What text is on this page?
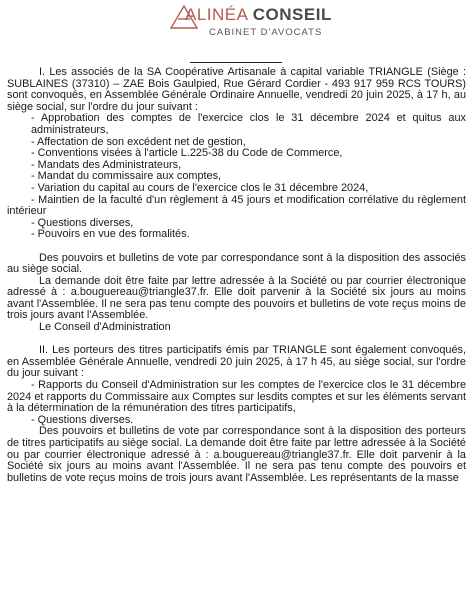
ALINÉA CONSEIL
CABINET D'AVOCATS

I. Les associés de la SA Coopérative Artisanale à capital variable TRIANGLE (Siège : SUBLAINES (37310) – ZAE Bois Gaulpied, Rue Gérard Cordier - 493 917 959 RCS TOURS) sont convoqués, en Assemblée Générale Ordinaire Annuelle, vendredi 20 juin 2025, à 17 h, au siège social, sur l'ordre du jour suivant :

- Approbation des comptes de l'exercice clos le 31 décembre 2024 et quitus aux administrateurs,

- Affectation de son excédent net de gestion,

- Conventions visées à l'article L.225-38 du Code de Commerce,

- Mandats des Administrateurs,

- Mandat du commissaire aux comptes,

- Variation du capital au cours de l'exercice clos le 31 décembre 2024,

- Maintien de la faculté d'un règlement à 45 jours et modification corrélative du règlement intérieur

- Questions diverses,

- Pouvoirs en vue des formalités.

Des pouvoirs et bulletins de vote par correspondance sont à la disposition des associés au siège social.

La demande doit être faite par lettre adressée à la Société ou par courrier électronique adressé à : a.bouguereau@triangle37.fr. Elle doit parvenir à la Société six jours au moins avant l'Assemblée. Il ne sera pas tenu compte des pouvoirs et bulletins de vote reçus moins de trois jours avant l'Assemblée.

Le Conseil d'Administration

II. Les porteurs des titres participatifs émis par TRIANGLE sont également convoqués, en Assemblée Générale Annuelle, vendredi 20 juin 2025, à 17 h 45, au siège social, sur l'ordre du jour suivant :

- Rapports du Conseil d'Administration sur les comptes de l'exercice clos le 31 décembre 2024 et rapports du Commissaire aux Comptes sur lesdits comptes et sur les éléments servant à la détermination de la rémunération des titres participatifs,

- Questions diverses.

Des pouvoirs et bulletins de vote par correspondance sont à la disposition des porteurs de titres participatifs au siège social. La demande doit être faite par lettre adressée à la Société ou par courrier électronique adressé à : a.bouguereau@triangle37.fr. Elle doit parvenir à la Société six jours au moins avant l'Assemblée. Il ne sera pas tenu compte des pouvoirs et bulletins de vote reçus moins de trois jours avant l'Assemblée. Les représentants de la masse
